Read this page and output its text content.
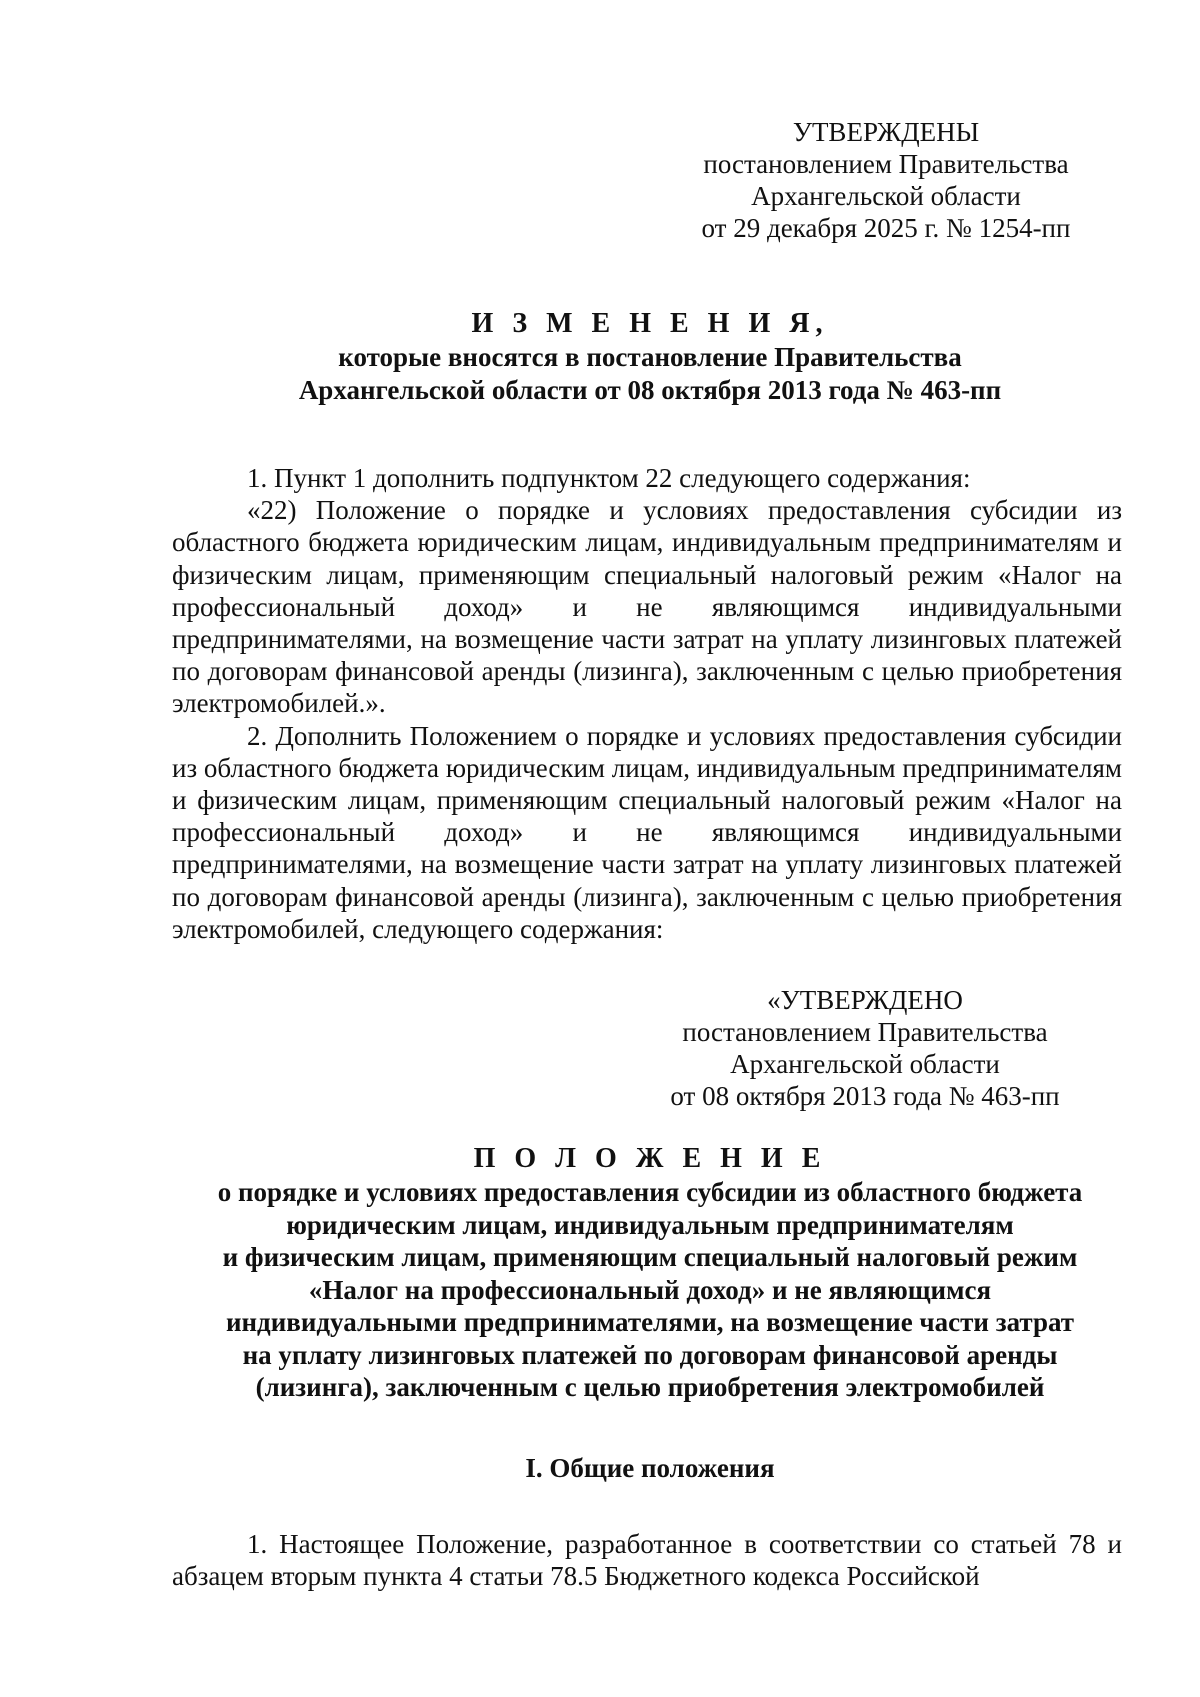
УТВЕРЖДЕНЫ
постановлением Правительства
Архангельской области
от 29 декабря 2025 г. № 1254-пп
И З М Е Н Е Н И Я,
которые вносятся в постановление Правительства
Архангельской области от 08 октября 2013 года № 463-пп

1. Пункт 1 дополнить подпунктом 22 следующего содержания:

«22) Положение о порядке и условиях предоставления субсидии из областного бюджета юридическим лицам, индивидуальным предпринимателям и физическим лицам, применяющим специальный налоговый режим «Налог на профессиональный доход» и не являющимся индивидуальными предпринимателями, на возмещение части затрат на уплату лизинговых платежей по договорам финансовой аренды (лизинга), заключенным с целью приобретения электромобилей.».

2. Дополнить Положением о порядке и условиях предоставления субсидии из областного бюджета юридическим лицам, индивидуальным предпринимателям и физическим лицам, применяющим специальный налоговый режим «Налог на профессиональный доход» и не являющимся индивидуальными предпринимателями, на возмещение части затрат на уплату лизинговых платежей по договорам финансовой аренды (лизинга), заключенным с целью приобретения электромобилей, следующего содержания:

«УТВЕРЖДЕНО
постановлением Правительства
Архангельской области
от 08 октября 2013 года № 463-пп
П О Л О Ж Е Н И Е
о порядке и условиях предоставления субсидии из областного бюджета
юридическим лицам, индивидуальным предпринимателям
и физическим лицам, применяющим специальный налоговый режим
«Налог на профессиональный доход» и не являющимся
индивидуальными предпринимателями, на возмещение части затрат
на уплату лизинговых платежей по договорам финансовой аренды
(лизинга), заключенным с целью приобретения электромобилей
I. Общие положения

1. Настоящее Положение, разработанное в соответствии со статьей 78 и абзацем вторым пункта 4 статьи 78.5 Бюджетного кодекса Российской
